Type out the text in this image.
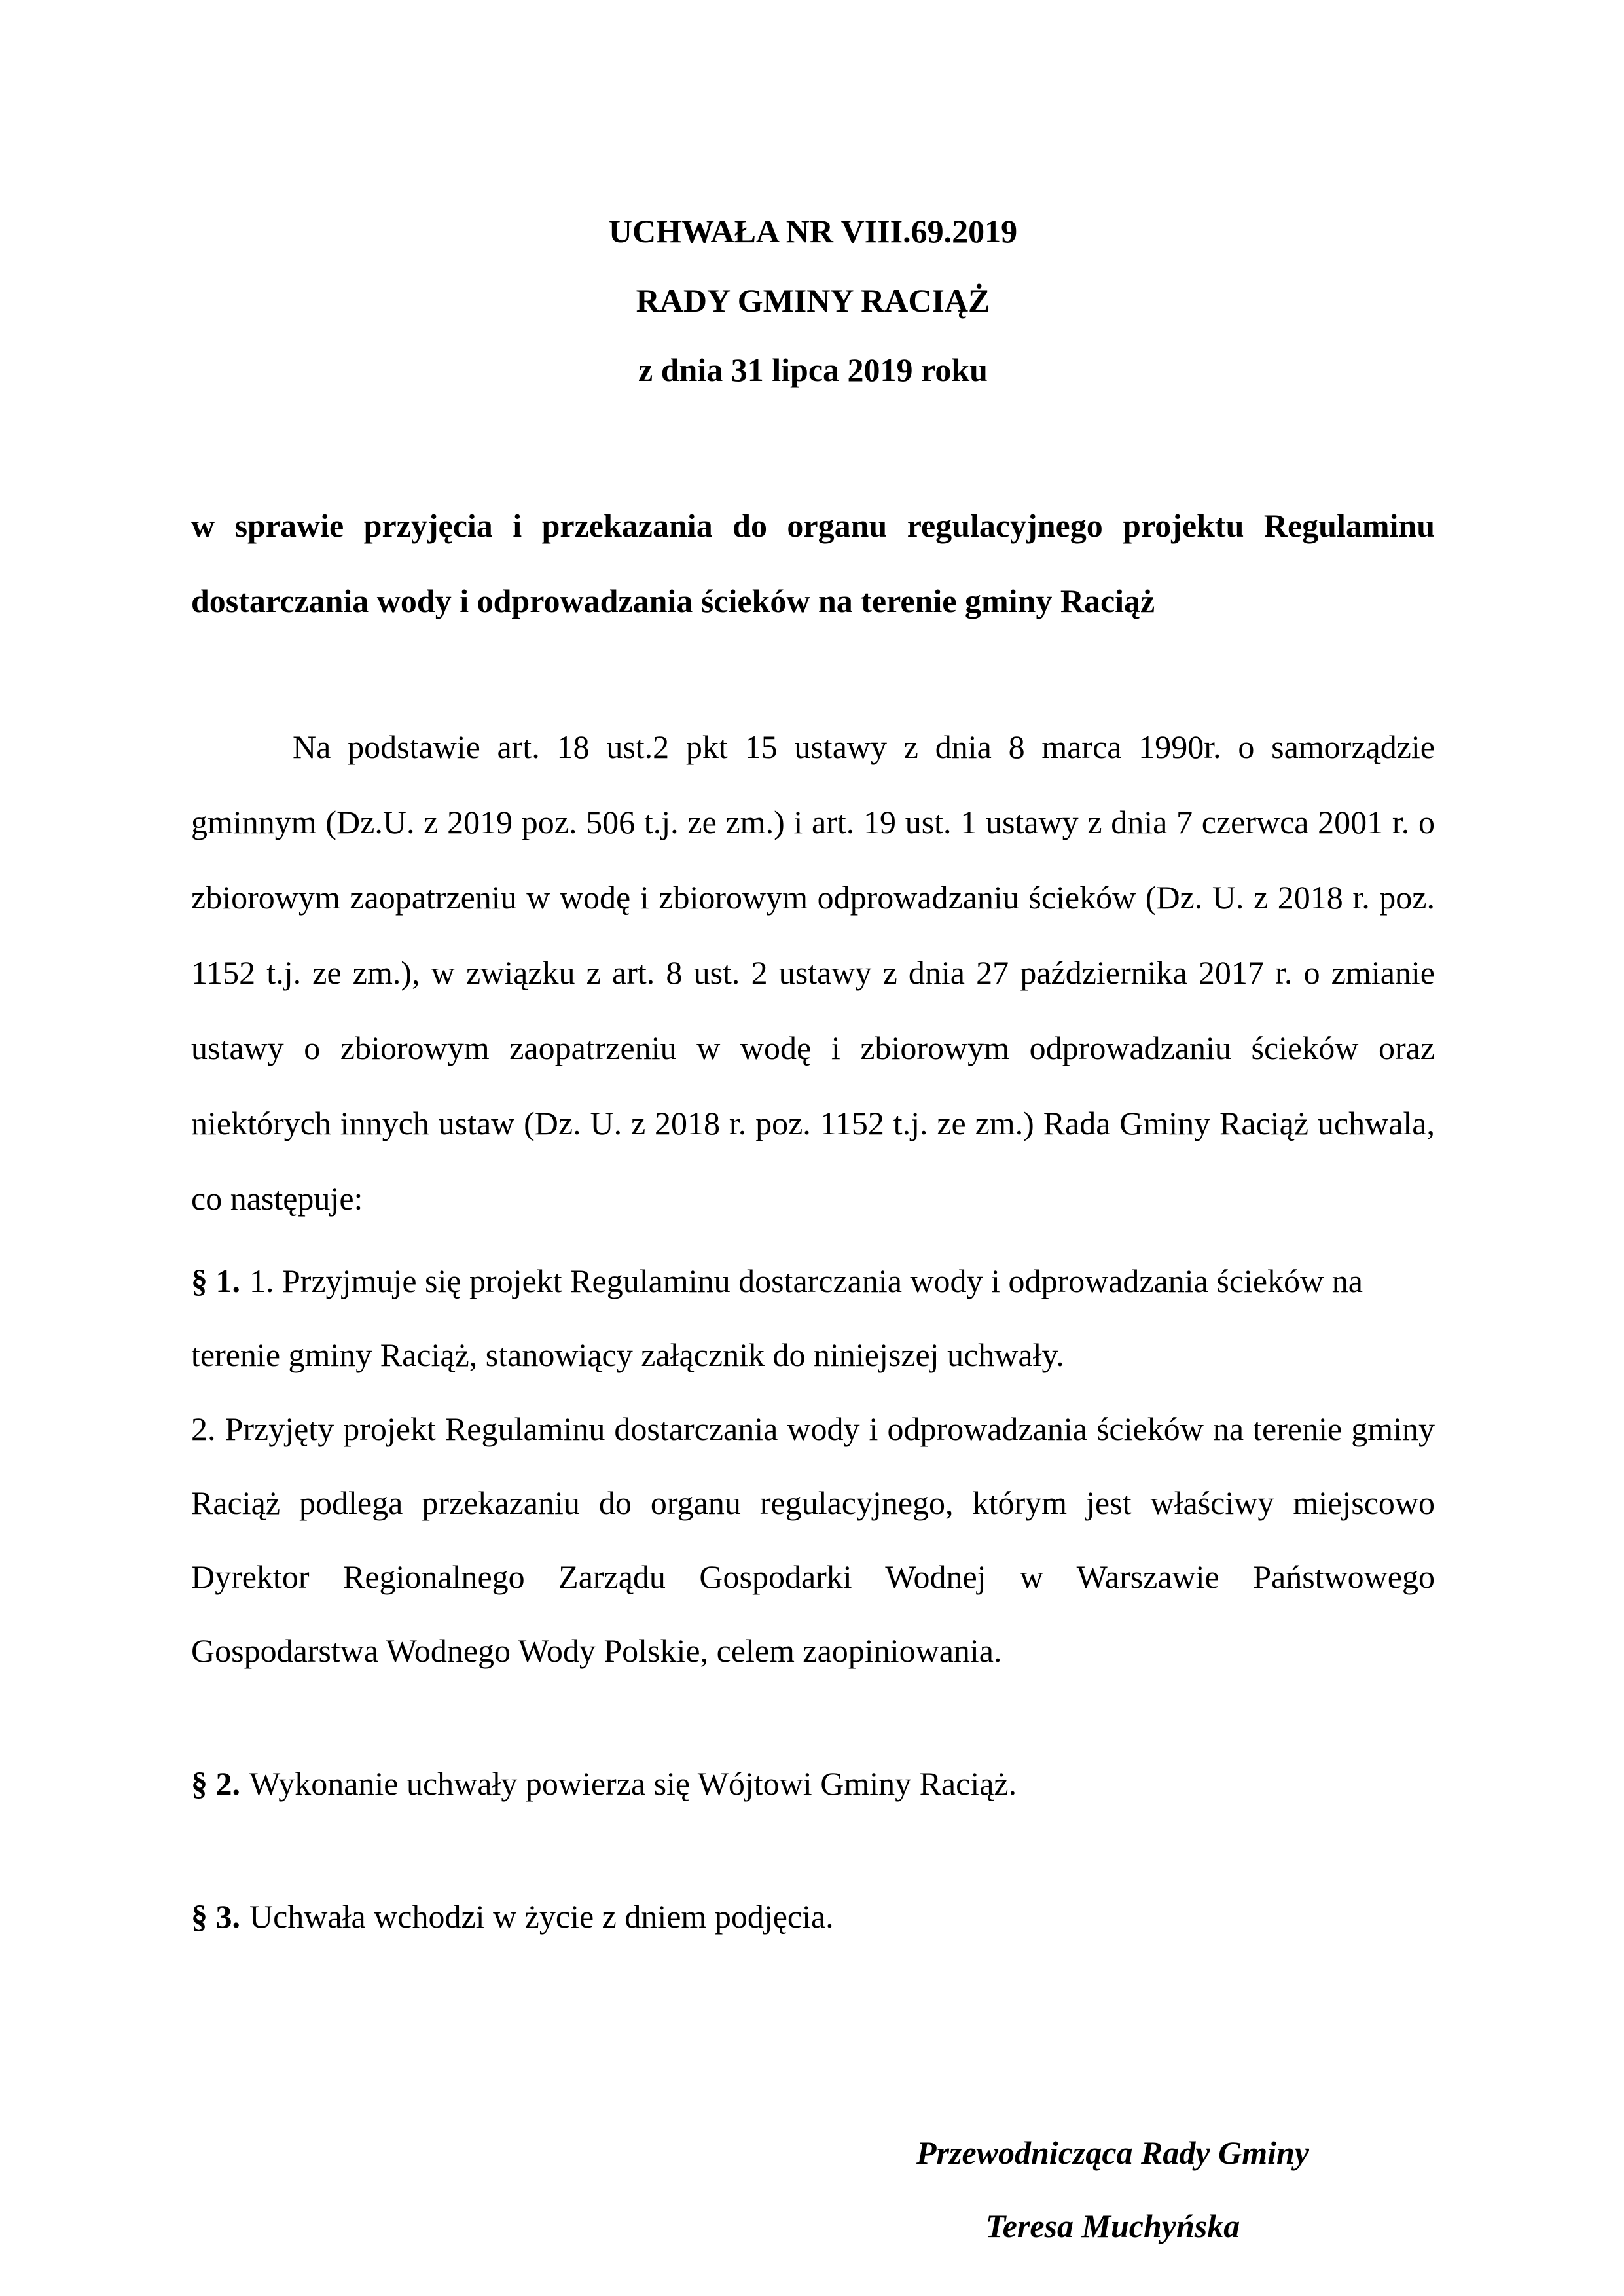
UCHWAŁA NR VIII.69.2019
RADY GMINY RACIĄŻ
z dnia 31 lipca 2019 roku

w sprawie przyjęcia i przekazania do organu regulacyjnego projektu Regulaminu dostarczania wody i odprowadzania ścieków na terenie gminy Raciąż

Na podstawie art. 18 ust.2 pkt 15 ustawy z dnia 8 marca 1990r. o samorządzie gminnym (Dz.U. z 2019 poz. 506 t.j. ze zm.) i art. 19 ust. 1 ustawy z dnia 7 czerwca 2001 r. o zbiorowym zaopatrzeniu w wodę i zbiorowym odprowadzaniu ścieków (Dz. U. z 2018 r. poz. 1152 t.j. ze zm.), w związku z art. 8 ust. 2 ustawy z dnia 27 października 2017 r. o zmianie ustawy o zbiorowym zaopatrzeniu w wodę i zbiorowym odprowadzaniu ścieków oraz niektórych innych ustaw (Dz. U. z 2018 r. poz. 1152 t.j. ze zm.) Rada Gminy Raciąż uchwala, co następuje:

§ 1. 1. Przyjmuje się projekt Regulaminu dostarczania wody i odprowadzania ścieków na terenie gminy Raciąż, stanowiący załącznik do niniejszej uchwały.

2. Przyjęty projekt Regulaminu dostarczania wody i odprowadzania ścieków na terenie gminy Raciąż podlega przekazaniu do organu regulacyjnego, którym jest właściwy miejscowo Dyrektor Regionalnego Zarządu Gospodarki Wodnej w Warszawie Państwowego Gospodarstwa Wodnego Wody Polskie, celem zaopiniowania.

§ 2. Wykonanie uchwały powierza się Wójtowi Gminy Raciąż.

§ 3. Uchwała wchodzi w życie z dniem podjęcia.

Przewodnicząca Rady Gminy
Teresa Muchyńska
